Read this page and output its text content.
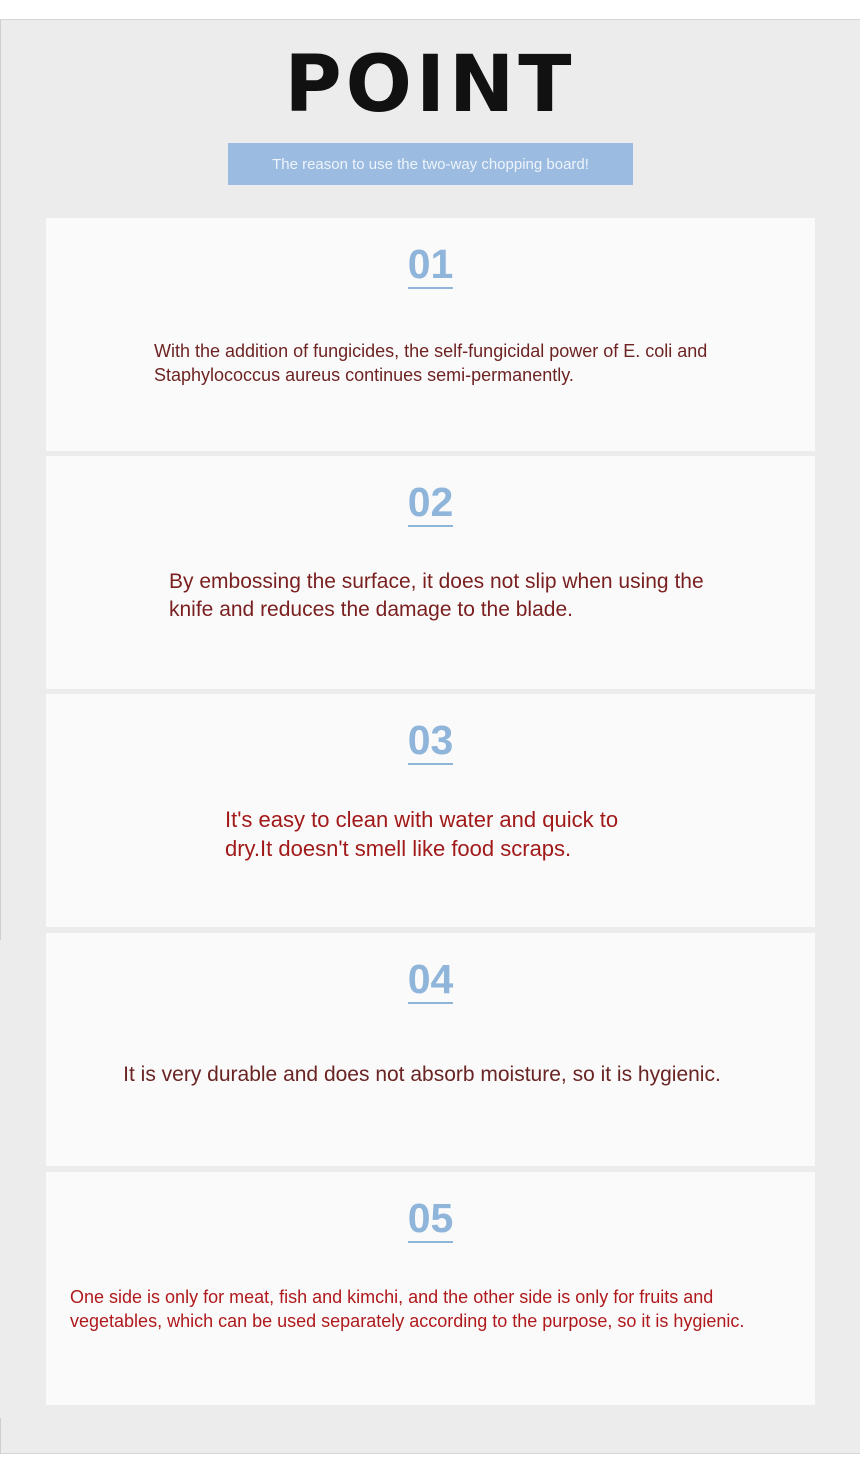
POINT
The reason to use the two-way chopping board!
01

With the addition of fungicides, the self-fungicidal power of E. coli and Staphylococcus aureus continues semi-permanently.

02

By embossing the surface, it does not slip when using the knife and reduces the damage to the blade.

03

It's easy to clean with water and quick to dry.It doesn't smell like food scraps.

04

It is very durable and does not absorb moisture, so it is hygienic.

05

One side is only for meat, fish and kimchi, and the other side is only for fruits and vegetables, which can be used separately according to the purpose, so it is hygienic.
